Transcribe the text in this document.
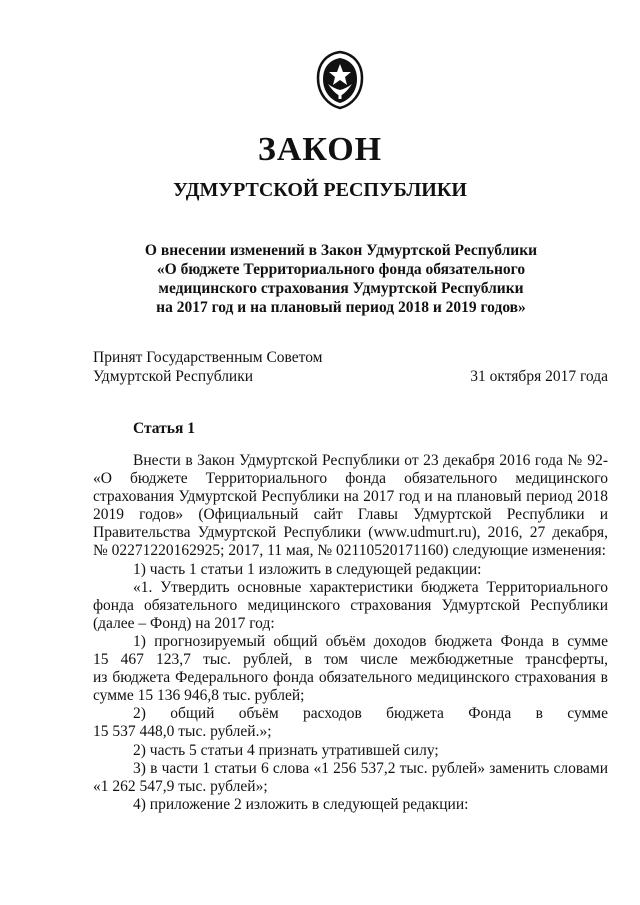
ЗАКОН
УДМУРТСКОЙ РЕСПУБЛИКИ
О внесении изменений в Закон Удмуртской Республики
«О бюджете Территориального фонда обязательного
медицинского страхования Удмуртской Республики
на 2017 год и на плановый период 2018 и 2019 годов»
Принят Государственным Советом
Удмуртской Республики	31 октября 2017 года
Статья 1
Внести в Закон Удмуртской Республики от 23 декабря 2016 года № 92-
«О бюджете Территориального фонда обязательного медицинского
страхования Удмуртской Республики на 2017 год и на плановый период 2018
2019 годов» (Официальный сайт Главы Удмуртской Республики и
Правительства Удмуртской Республики (www.udmurt.ru), 2016, 27 декабря,
№ 02271220162925; 2017, 11 мая, № 02110520171160) следующие изменения:
1) часть 1 статьи 1 изложить в следующей редакции:
«1. Утвердить основные характеристики бюджета Территориального
фонда обязательного медицинского страхования Удмуртской Республики
(далее – Фонд) на 2017 год:
1) прогнозируемый общий объём доходов бюджета Фонда в сумме
15 467 123,7 тыс. рублей, в том числе межбюджетные трансферты,
из бюджета Федерального фонда обязательного медицинского страхования в
сумме 15 136 946,8 тыс. рублей;
2) общий объём расходов бюджета Фонда в сумме
15 537 448,0 тыс. рублей.»;
2) часть 5 статьи 4 признать утратившей силу;
3) в части 1 статьи 6 слова «1 256 537,2 тыс. рублей» заменить словами
«1 262 547,9 тыс. рублей»;
4) приложение 2 изложить в следующей редакции:
